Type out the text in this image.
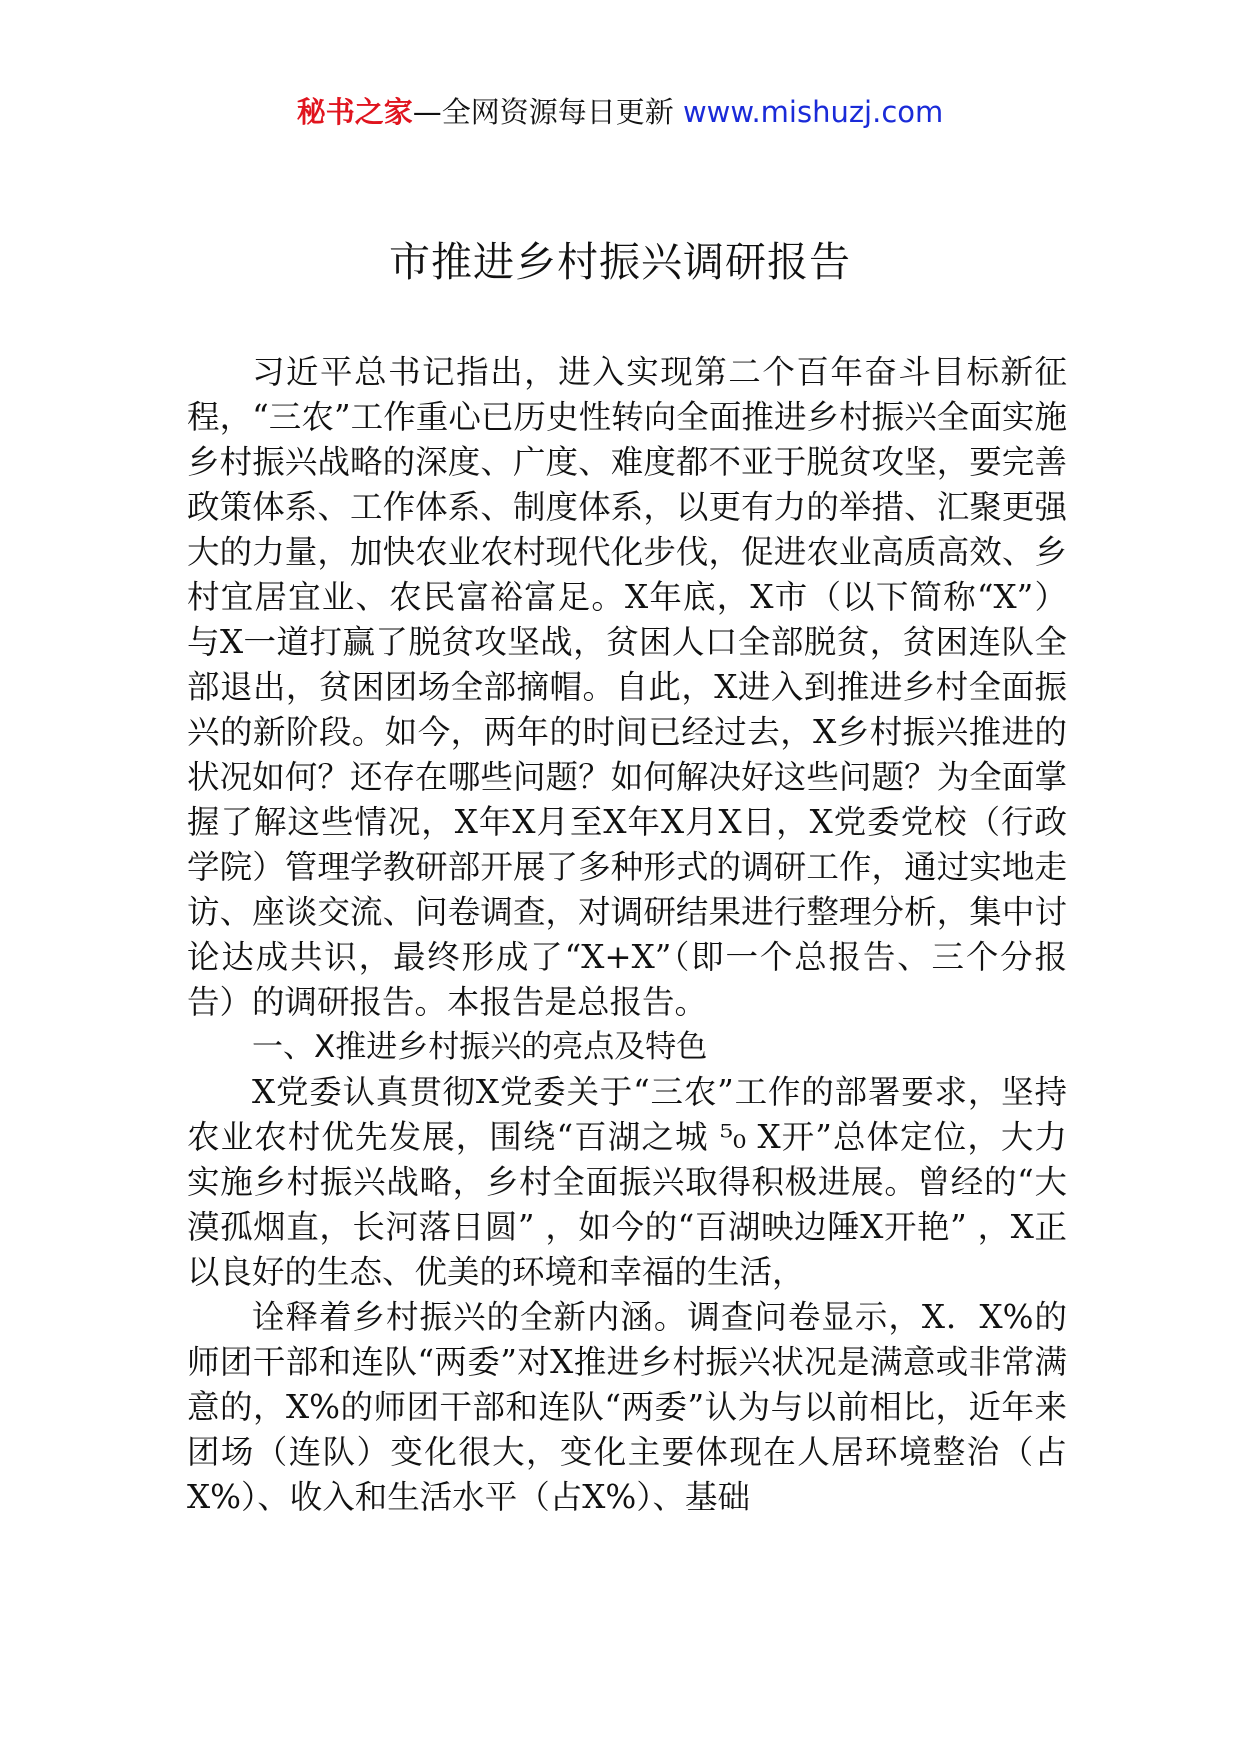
秘书之家—全网资源每日更新 www.mishuzj.com
市推进乡村振兴调研报告

习近平总书记指出，进入实现第二个百年奋斗目标新征程，“三农”工作重心已历史性转向全面推进乡村振兴全面实施乡村振兴战略的深度、广度、难度都不亚于脱贫攻坚，要完善政策体系、工作体系、制度体系，以更有力的举措、汇聚更强大的力量，加快农业农村现代化步伐，促进农业高质高效、乡村宜居宜业、农民富裕富足。X年底，X市（以下简称“X”）与X一道打赢了脱贫攻坚战，贫困人口全部脱贫，贫困连队全部退出，贫困团场全部摘帽。自此，X进入到推进乡村全面振兴的新阶段。如今，两年的时间已经过去，X乡村振兴推进的状况如何？还存在哪些问题？如何解决好这些问题？为全面掌握了解这些情况，X年X月至X年X月X日，X党委党校（行政学院）管理学教研部开展了多种形式的调研工作，通过实地走访、座谈交流、问卷调查，对调研结果进行整理分析，集中讨论达成共识，最终形成了“X+X”（即一个总报告、三个分报告）的调研报告。本报告是总报告。

一、X推进乡村振兴的亮点及特色

X党委认真贯彻X党委关于“三农”工作的部署要求，坚持农业农村优先发展，围绕“百湖之城 ⁵₀ X开”总体定位，大力实施乡村振兴战略，乡村全面振兴取得积极进展。曾经的“大漠孤烟直，长河落日圆” ，如今的“百湖映边陲X开艳” ，X正以良好的生态、优美的环境和幸福的生活，

诠释着乡村振兴的全新内涵。调查问卷显示，X．X%的师团干部和连队“两委”对X推进乡村振兴状况是满意或非常满意的，X%的师团干部和连队“两委”认为与以前相比，近年来团场（连队）变化很大，变化主要体现在人居环境整治（占X%）、收入和生活水平（占X%）、基础
